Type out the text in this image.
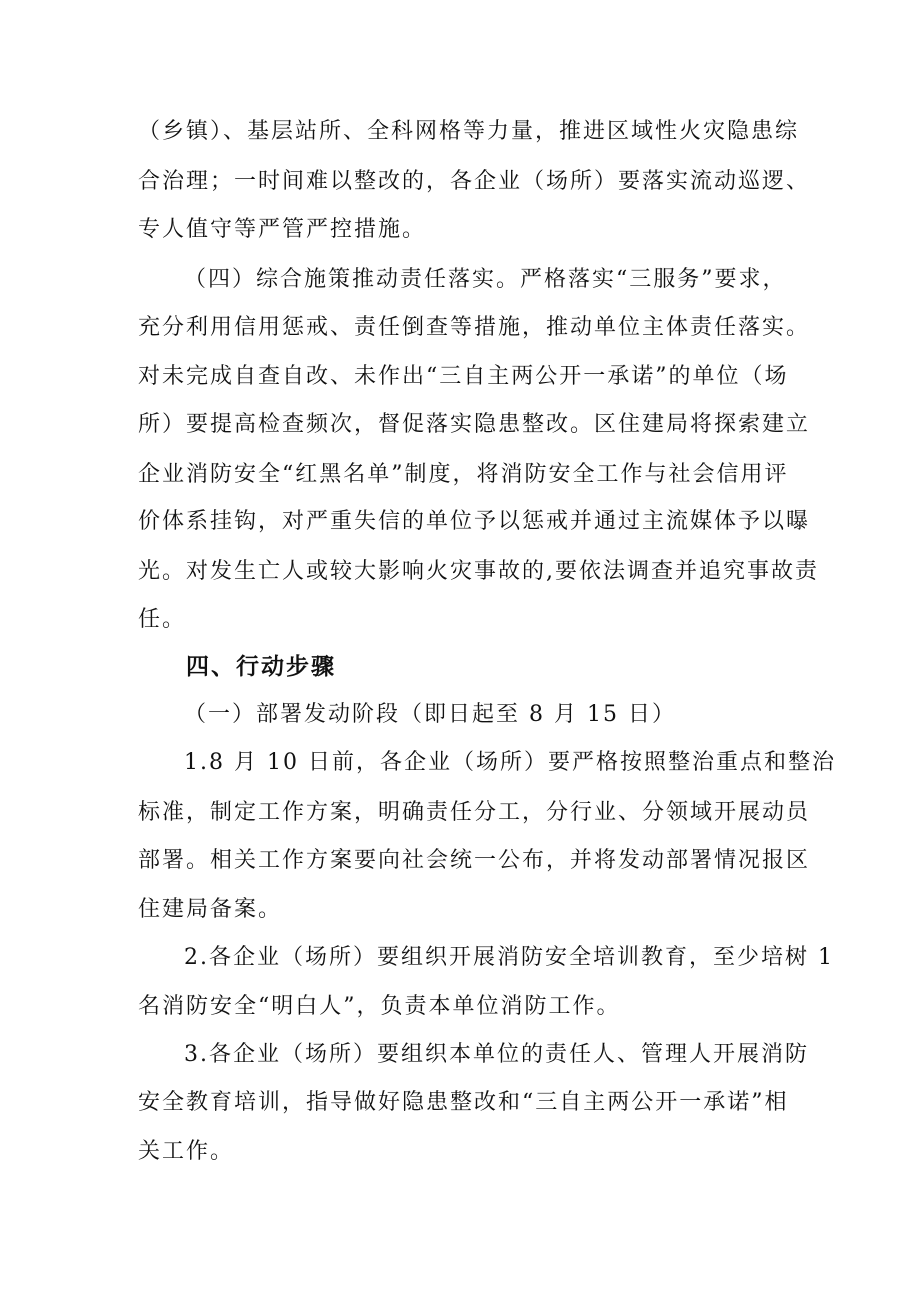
（乡镇）、基层站所、全科网格等力量，推进区域性火灾隐患综
合治理；一时间难以整改的，各企业（场所）要落实流动巡逻、
专人值守等严管严控措施。
（四）综合施策推动责任落实。严格落实“三服务”要求，
充分利用信用惩戒、责任倒查等措施，推动单位主体责任落实。
对未完成自查自改、未作出“三自主两公开一承诺”的单位（场
所）要提高检查频次，督促落实隐患整改。区住建局将探索建立
企业消防安全“红黑名单”制度，将消防安全工作与社会信用评
价体系挂钩，对严重失信的单位予以惩戒并通过主流媒体予以曝
光。对发生亡人或较大影响火灾事故的,要依法调查并追究事故责
任。
四、行动步骤
（一）部署发动阶段（即日起至 8 月 15 日）
1.8 月 10 日前，各企业（场所）要严格按照整治重点和整治
标准，制定工作方案，明确责任分工，分行业、分领域开展动员
部署。相关工作方案要向社会统一公布，并将发动部署情况报区
住建局备案。
2.各企业（场所）要组织开展消防安全培训教育，至少培树 1
名消防安全“明白人”，负责本单位消防工作。
3.各企业（场所）要组织本单位的责任人、管理人开展消防
安全教育培训，指导做好隐患整改和“三自主两公开一承诺”相
关工作。
